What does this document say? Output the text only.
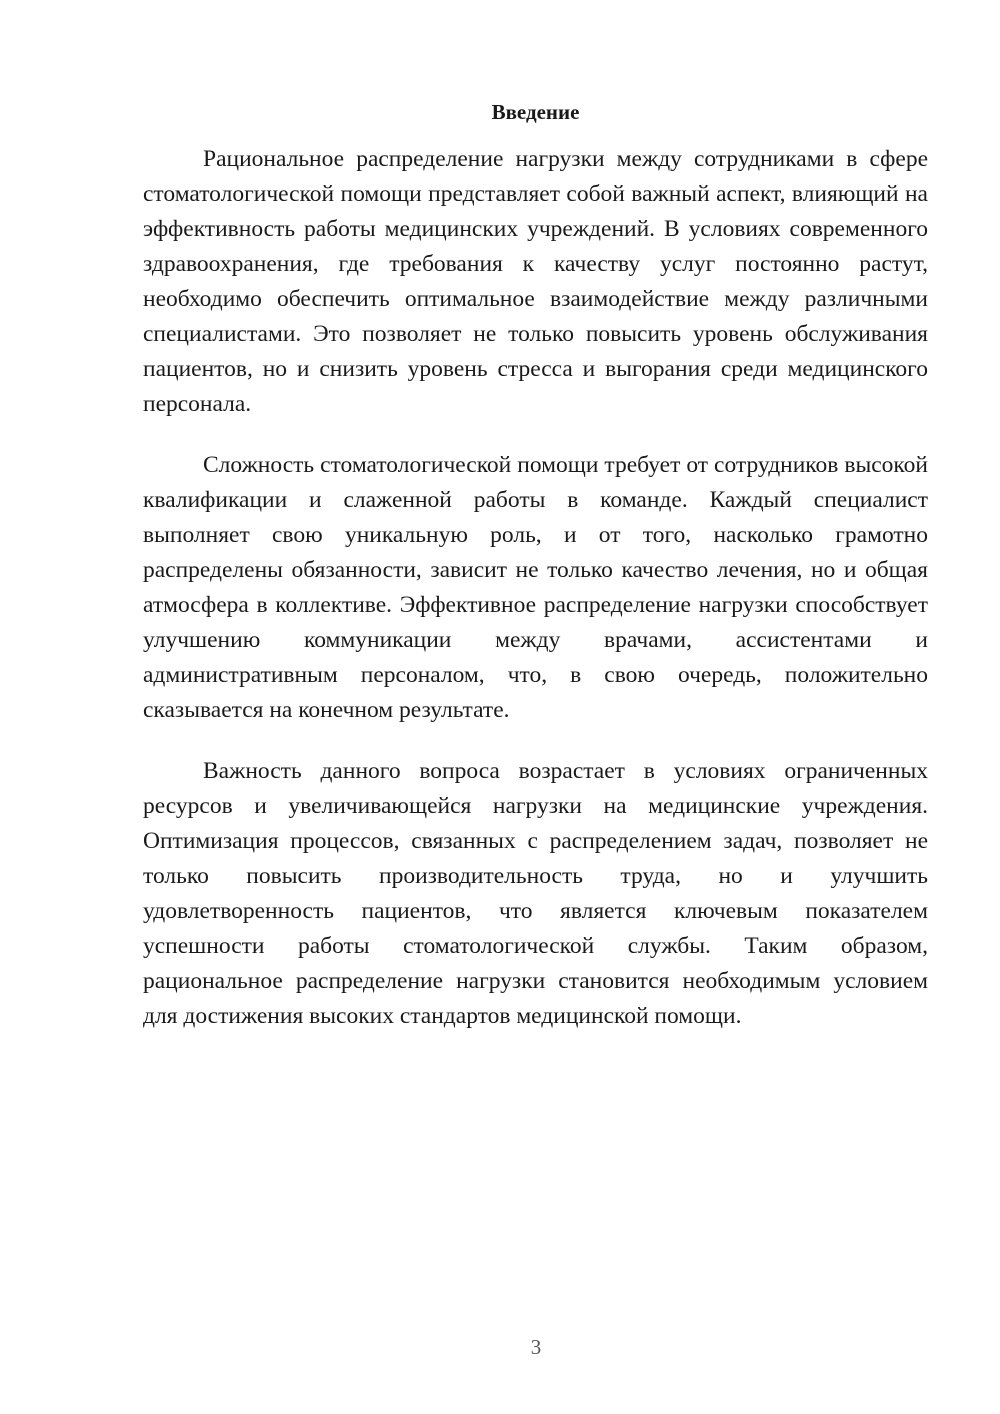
Введение

Рациональное распределение нагрузки между сотрудниками в сфере стоматологической помощи представляет собой важный аспект, влияющий на эффективность работы медицинских учреждений. В условиях современного здравоохранения, где требования к качеству услуг постоянно растут, необходимо обеспечить оптимальное взаимодействие между различными специалистами. Это позволяет не только повысить уровень обслуживания пациентов, но и снизить уровень стресса и выгорания среди медицинского персонала.

Сложность стоматологической помощи требует от сотрудников высокой квалификации и слаженной работы в команде. Каждый специалист выполняет свою уникальную роль, и от того, насколько грамотно распределены обязанности, зависит не только качество лечения, но и общая атмосфера в коллективе. Эффективное распределение нагрузки способствует улучшению коммуникации между врачами, ассистентами и административным персоналом, что, в свою очередь, положительно сказывается на конечном результате.

Важность данного вопроса возрастает в условиях ограниченных ресурсов и увеличивающейся нагрузки на медицинские учреждения. Оптимизация процессов, связанных с распределением задач, позволяет не только повысить производительность труда, но и улучшить удовлетворенность пациентов, что является ключевым показателем успешности работы стоматологической службы. Таким образом, рациональное распределение нагрузки становится необходимым условием для достижения высоких стандартов медицинской помощи.

3
